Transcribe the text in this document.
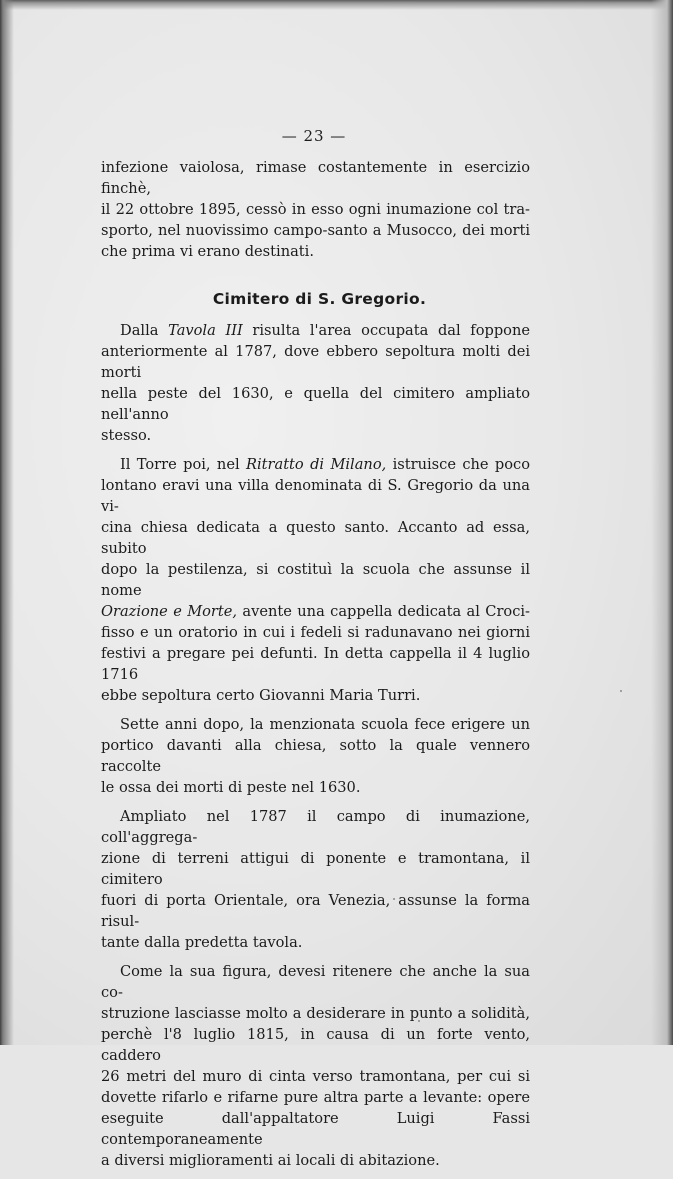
— 23 —

infezione vaiolosa, rimase costantemente in esercizio finchè,

il 22 ottobre 1895, cessò in esso ogni inumazione col tra-

sporto, nel nuovissimo campo-santo a Musocco, dei morti

che prima vi erano destinati.

Cimitero di S. Gregorio.

Dalla Tavola III risulta l'area occupata dal foppone

anteriormente al 1787, dove ebbero sepoltura molti dei morti

nella peste del 1630, e quella del cimitero ampliato nell'anno

stesso.

Il Torre poi, nel Ritratto di Milano, istruisce che poco

lontano eravi una villa denominata di S. Gregorio da una vi-

cina chiesa dedicata a questo santo. Accanto ad essa, subito

dopo la pestilenza, si costituì la scuola che assunse il nome

Orazione e Morte, avente una cappella dedicata al Croci-

fisso e un oratorio in cui i fedeli si radunavano nei giorni

festivi a pregare pei defunti. In detta cappella il 4 luglio 1716

ebbe sepoltura certo Giovanni Maria Turri.

Sette anni dopo, la menzionata scuola fece erigere un

portico davanti alla chiesa, sotto la quale vennero raccolte

le ossa dei morti di peste nel 1630.

Ampliato nel 1787 il campo di inumazione, coll'aggrega-

zione di terreni attigui di ponente e tramontana, il cimitero

fuori di porta Orientale, ora Venezia, assunse la forma risul-

tante dalla predetta tavola.

Come la sua figura, devesi ritenere che anche la sua co-

struzione lasciasse molto a desiderare in punto a solidità,

perchè l'8 luglio 1815, in causa di un forte vento, caddero

26 metri del muro di cinta verso tramontana, per cui si

dovette rifarlo e rifarne pure altra parte a levante: opere

eseguite dall'appaltatore Luigi Fassi contemporaneamente

a diversi miglioramenti ai locali di abitazione.
